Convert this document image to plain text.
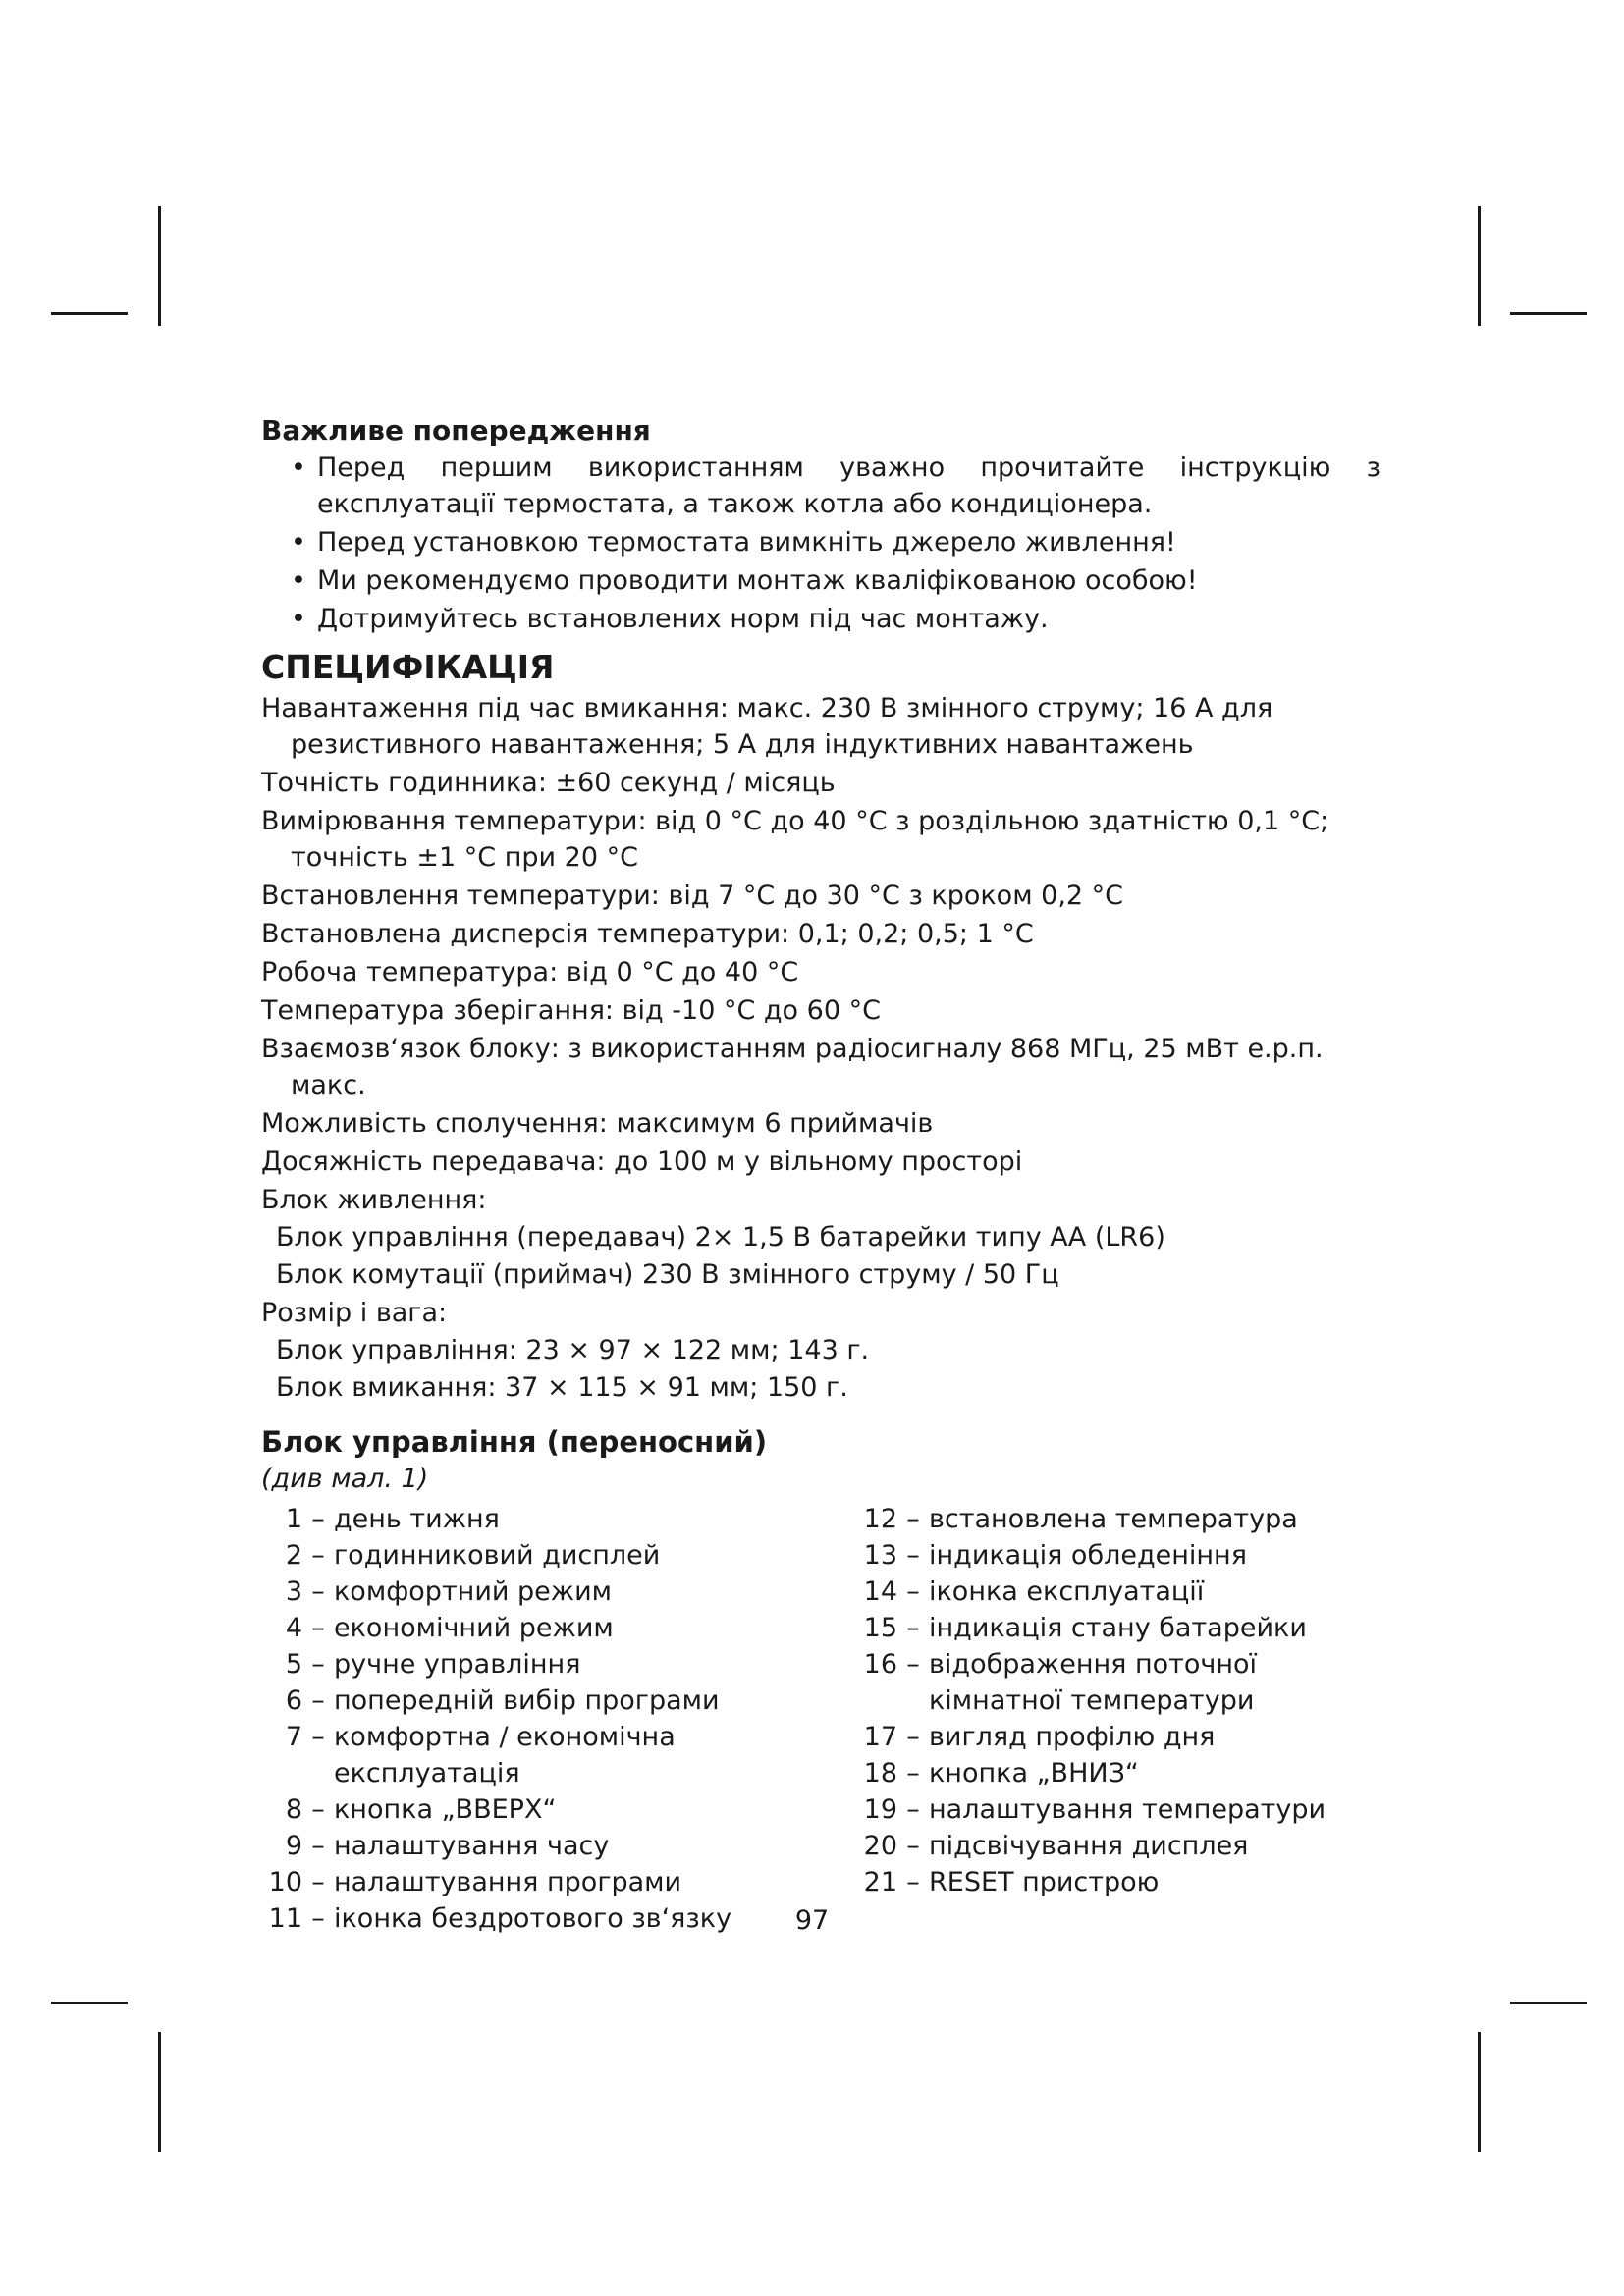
Важливе попередження
• Перед першим використанням уважно прочитайте інструкцію з експлуатації термостата, а також котла або кондиціонера.
• Перед установкою термостата вимкніть джерело живлення!
• Ми рекомендуємо проводити монтаж кваліфікованою особою!
• Дотримуйтесь встановлених норм під час монтажу.
СПЕЦИФІКАЦІЯ

Навантаження під час вмикання: макс. 230 В змінного струму; 16 А для резистивного навантаження; 5 А для індуктивних навантажень

Точність годинника: ±60 секунд / місяць

Вимірювання температури: від 0 °C до 40 °C з роздільною здатністю 0,1 °C; точність ±1 °C при 20 °C

Встановлення температури: від 7 °C до 30 °C з кроком 0,2 °C

Встановлена дисперсія температури: 0,1; 0,2; 0,5; 1 °C

Робоча температура: від 0 °C до 40 °C

Температура зберігання: від -10 °C до 60 °C

Взаємозв‘язок блоку: з використанням радіосигналу 868 МГц, 25 мВт е.р.п. макс.

Можливість сполучення: максимум 6 приймачів

Досяжність передавача: до 100 м у вільному просторі

Блок живлення:

Блок управління (передавач) 2× 1,5 В батарейки типу АА (LR6)

Блок комутації (приймач) 230 В змінного струму / 50 Гц

Розмір і вага:

Блок управління: 23 × 97 × 122 мм; 143 г.

Блок вмикання: 37 × 115 × 91 мм; 150 г.

Блок управління (переносний)

(див мал. 1)

1 – день тижня
2 – годинниковий дисплей
3 – комфортний режим
4 – економічний режим
5 – ручне управління
6 – попередній вибір програми
7 – комфортна / економічна експлуатація
8 – кнопка „ВВЕРХ“
9 – налаштування часу
10 – налаштування програми
11 – іконка бездротового зв‘язку
12 – встановлена температура
13 – індикація обледеніння
14 – іконка експлуатації
15 – індикація стану батарейки
16 – відображення поточної кімнатної температури
17 – вигляд профілю дня
18 – кнопка „ВНИЗ“
19 – налаштування температури
20 – підсвічування дисплея
21 – RESET пристрою
97
